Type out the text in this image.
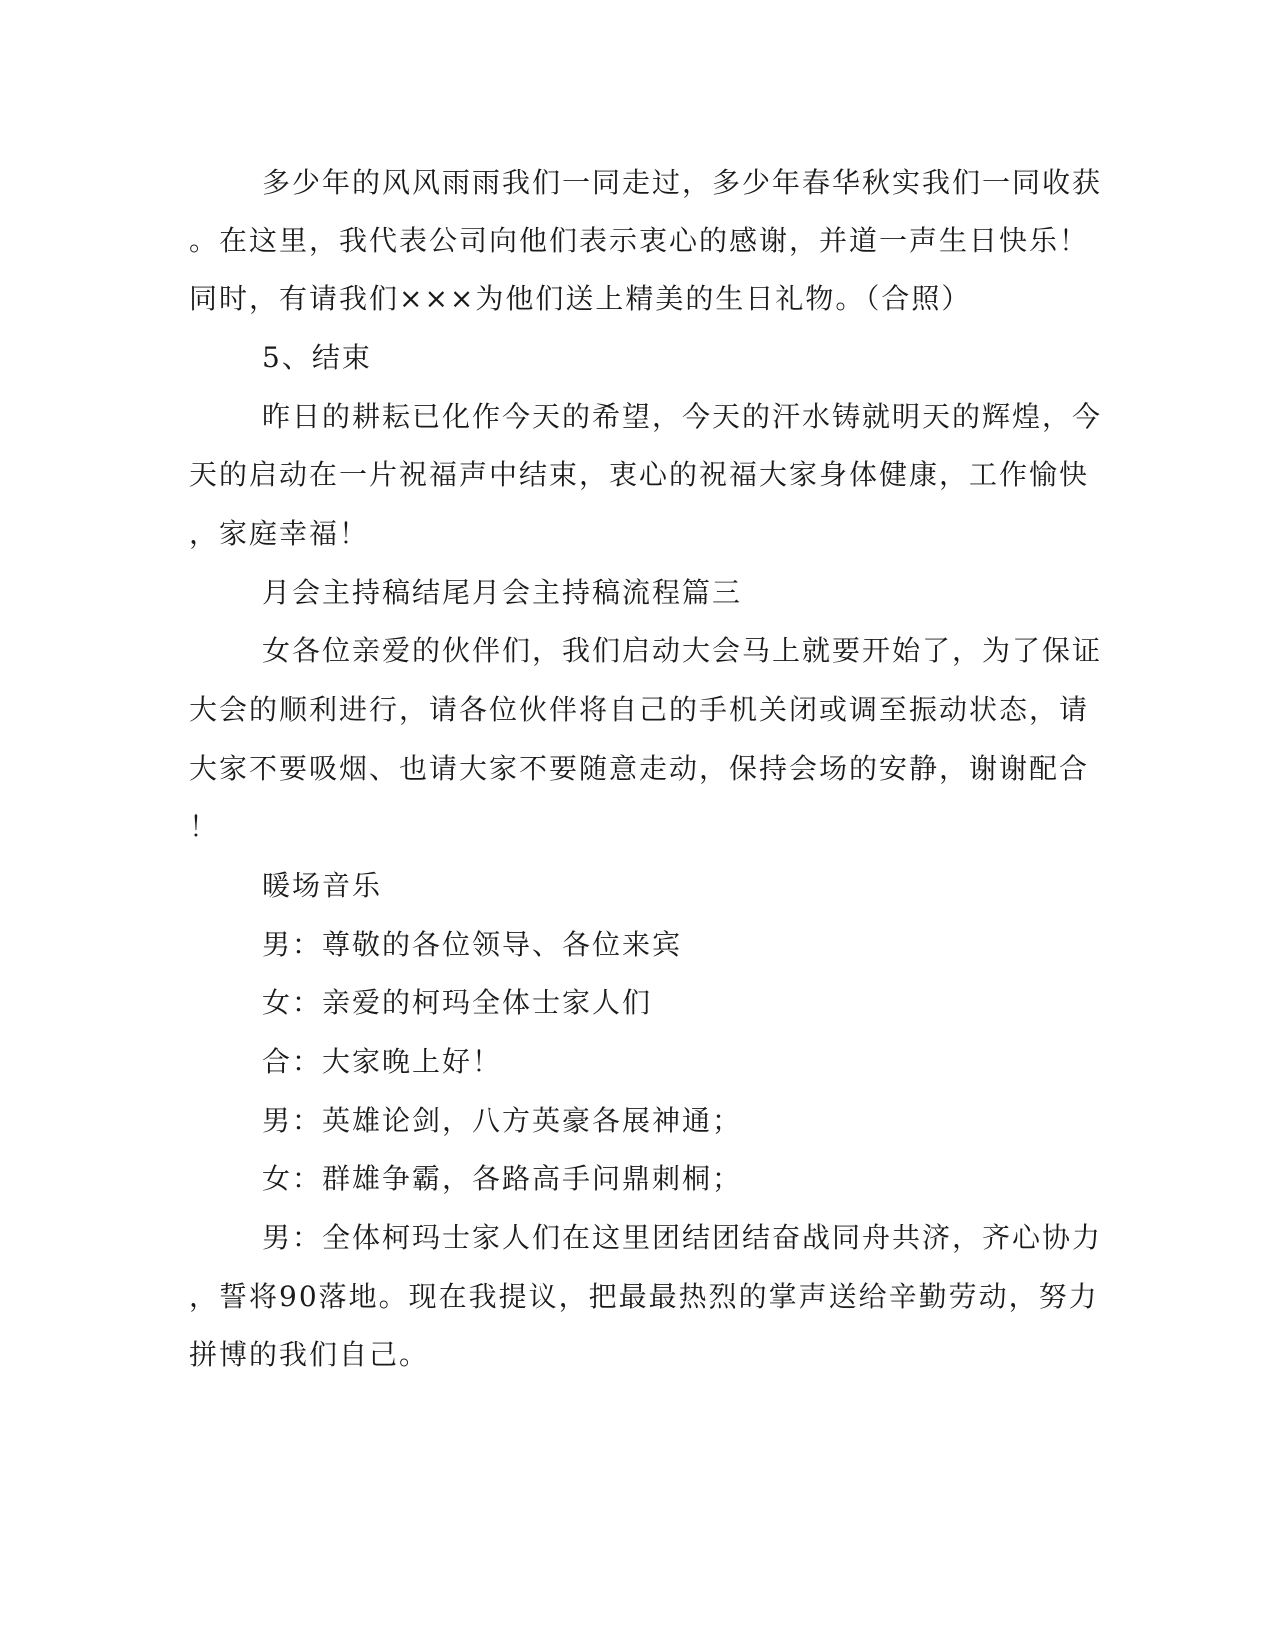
多少年的风风雨雨我们一同走过，多少年春华秋实我们一同收获
。在这里，我代表公司向他们表示衷心的感谢，并道一声生日快乐！
同时，有请我们×××为他们送上精美的生日礼物。（合照）
5、结束
昨日的耕耘已化作今天的希望，今天的汗水铸就明天的辉煌，今
天的启动在一片祝福声中结束，衷心的祝福大家身体健康，工作愉快
，家庭幸福！
月会主持稿结尾月会主持稿流程篇三
女各位亲爱的伙伴们，我们启动大会马上就要开始了，为了保证
大会的顺利进行，请各位伙伴将自己的手机关闭或调至振动状态，请
大家不要吸烟、也请大家不要随意走动，保持会场的安静，谢谢配合
！
暖场音乐
男：尊敬的各位领导、各位来宾
女：亲爱的柯玛全体士家人们
合：大家晚上好！
男：英雄论剑，八方英豪各展神通；
女：群雄争霸，各路高手问鼎刺桐；
男：全体柯玛士家人们在这里团结团结奋战同舟共济，齐心协力
，誓将90落地。现在我提议，把最最热烈的掌声送给辛勤劳动，努力
拼博的我们自己。
